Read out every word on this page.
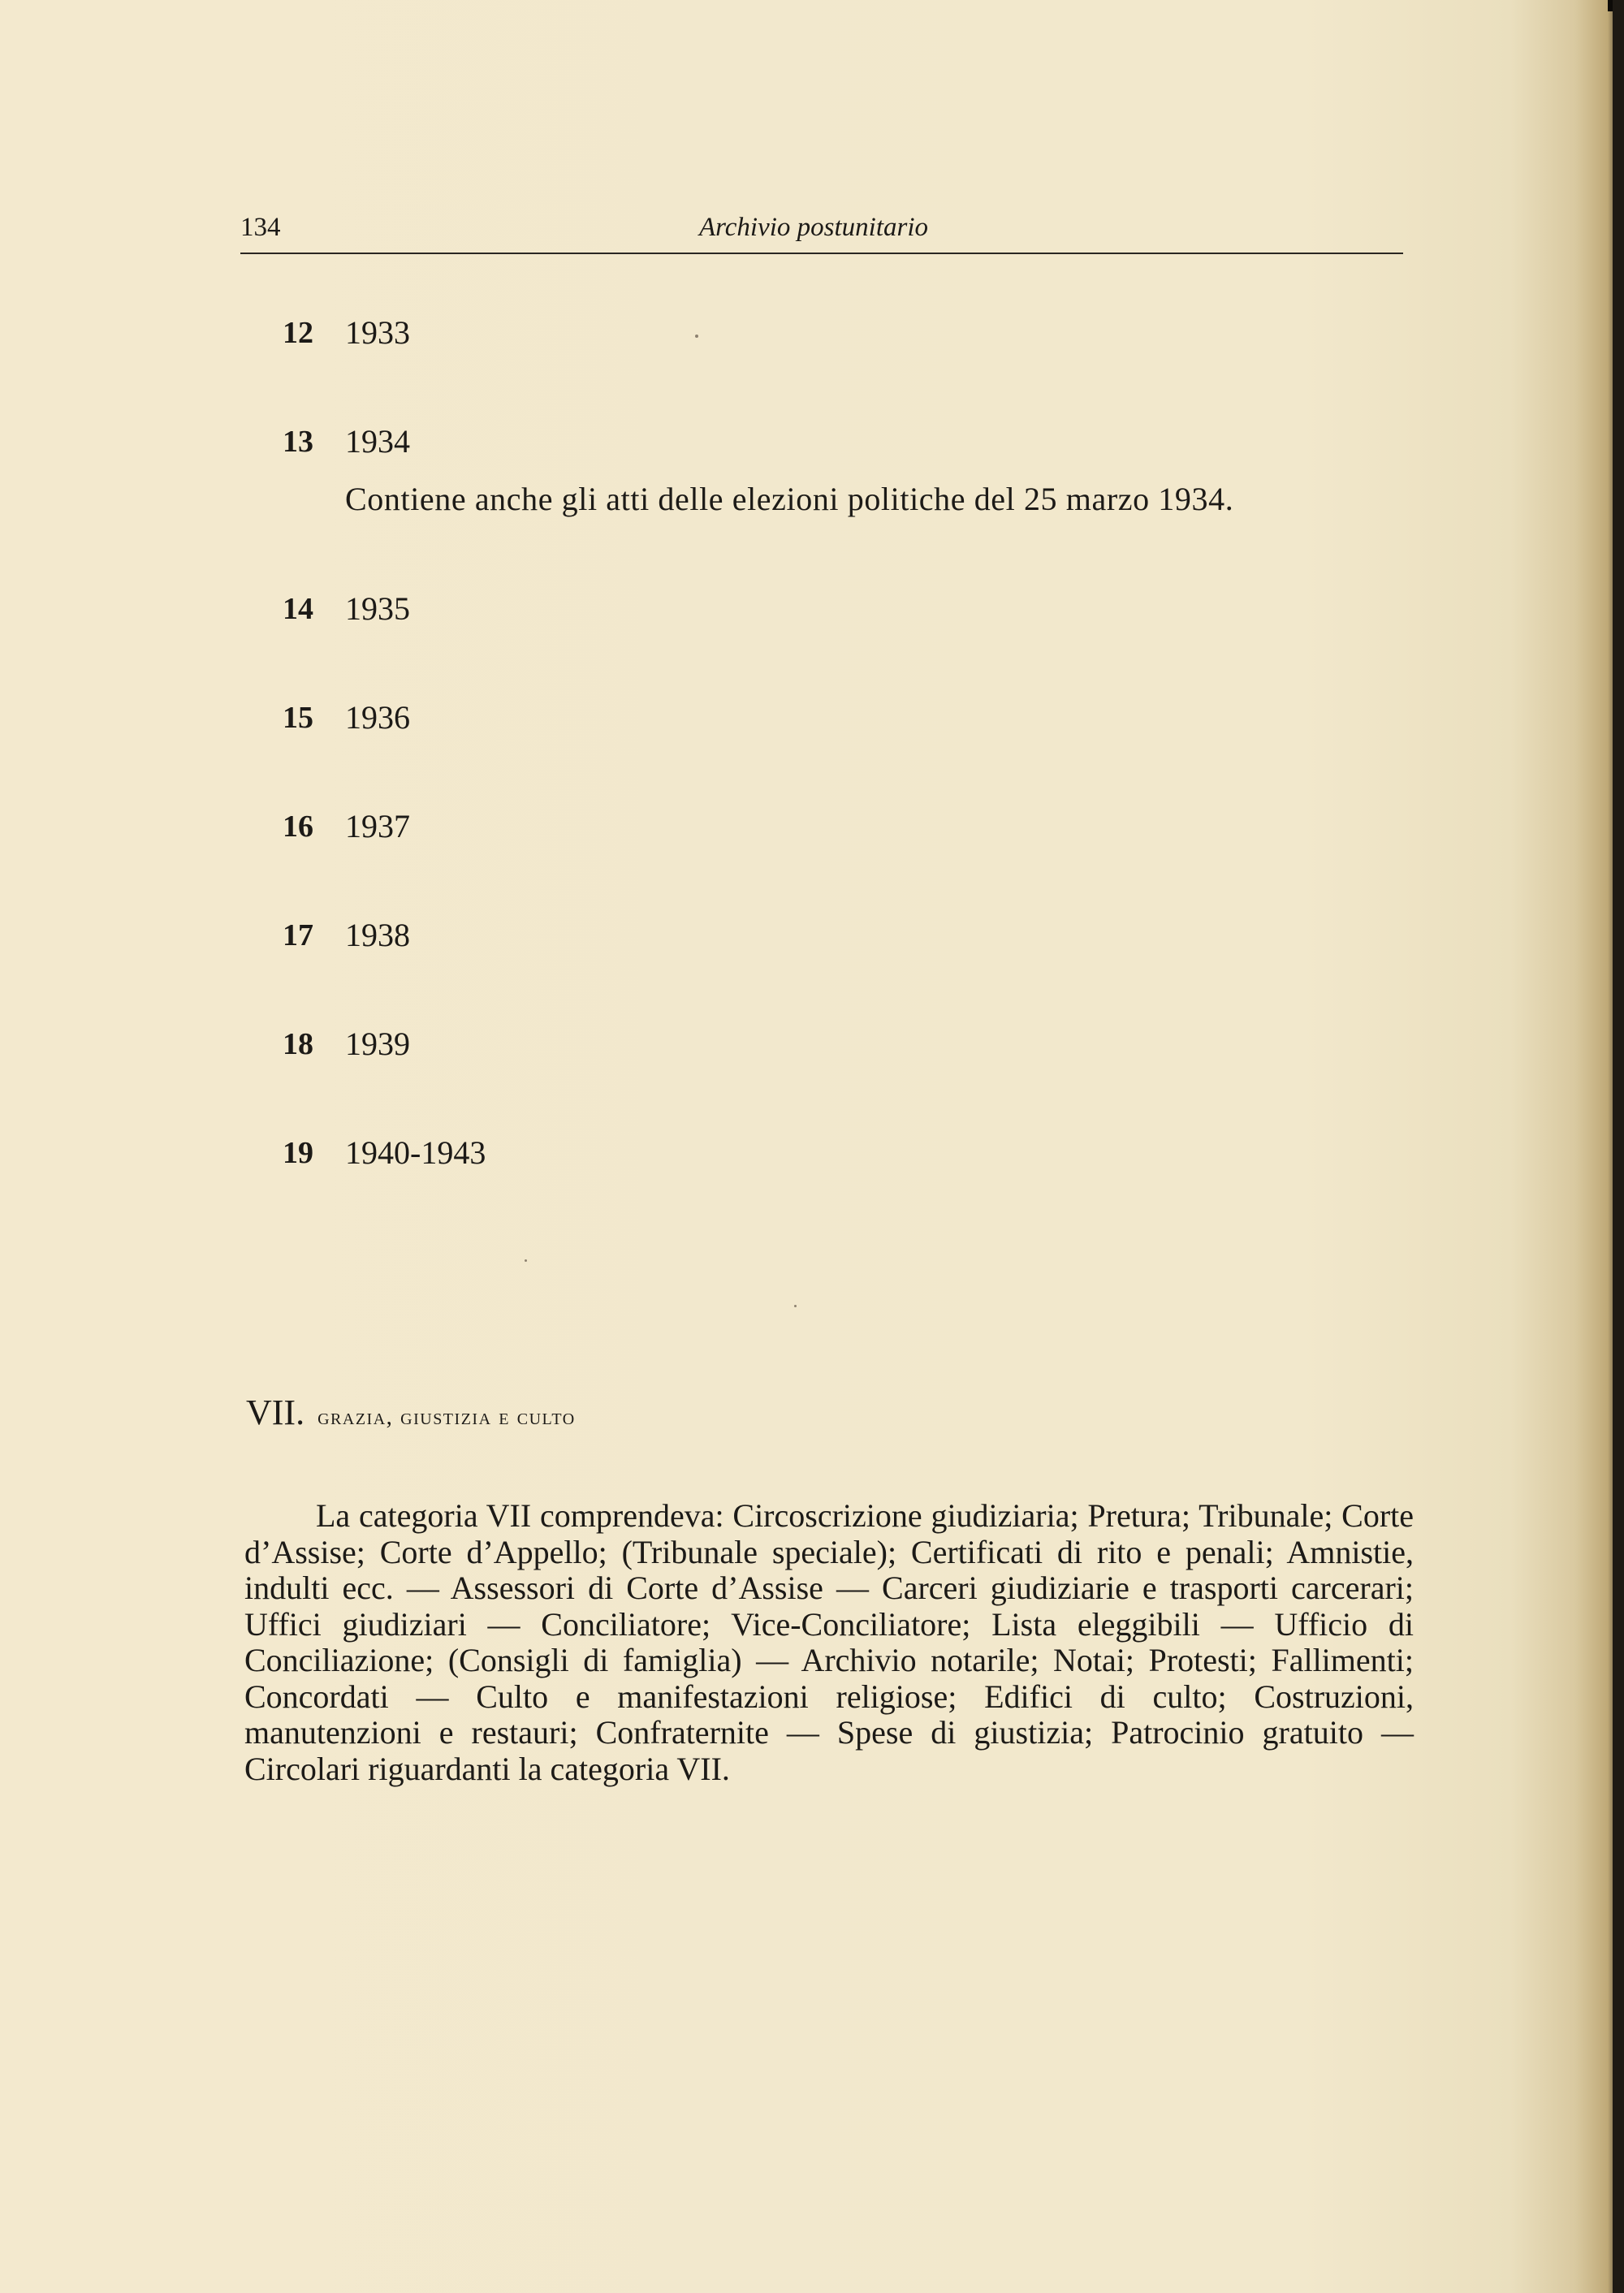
134	Archivio postunitario
12 1933
13 1934
Contiene anche gli atti delle elezioni politiche del 25 marzo 1934.
14 1935
15 1936
16 1937
17 1938
18 1939
19 1940-1943
VII. grazia, giustizia e culto

La categoria VII comprendeva: Circoscrizione giudiziaria; Pretura; Tribunale; Corte d’Assise; Corte d’Appello; (Tribunale speciale); Certificati di rito e penali; Amnistie, indulti ecc. — Assessori di Corte d’Assise — Carceri giudiziarie e trasporti carcerari; Uffici giudiziari — Conciliatore; Vice-Conciliatore; Lista eleggibili — Ufficio di Conciliazione; (Consigli di famiglia) — Archivio notarile; Notai; Protesti; Fallimenti; Concordati — Culto e manifestazioni religiose; Edifici di culto; Costruzioni, manutenzioni e restauri; Confraternite — Spese di giustizia; Patrocinio gratuito — Circolari riguardanti la categoria VII.
